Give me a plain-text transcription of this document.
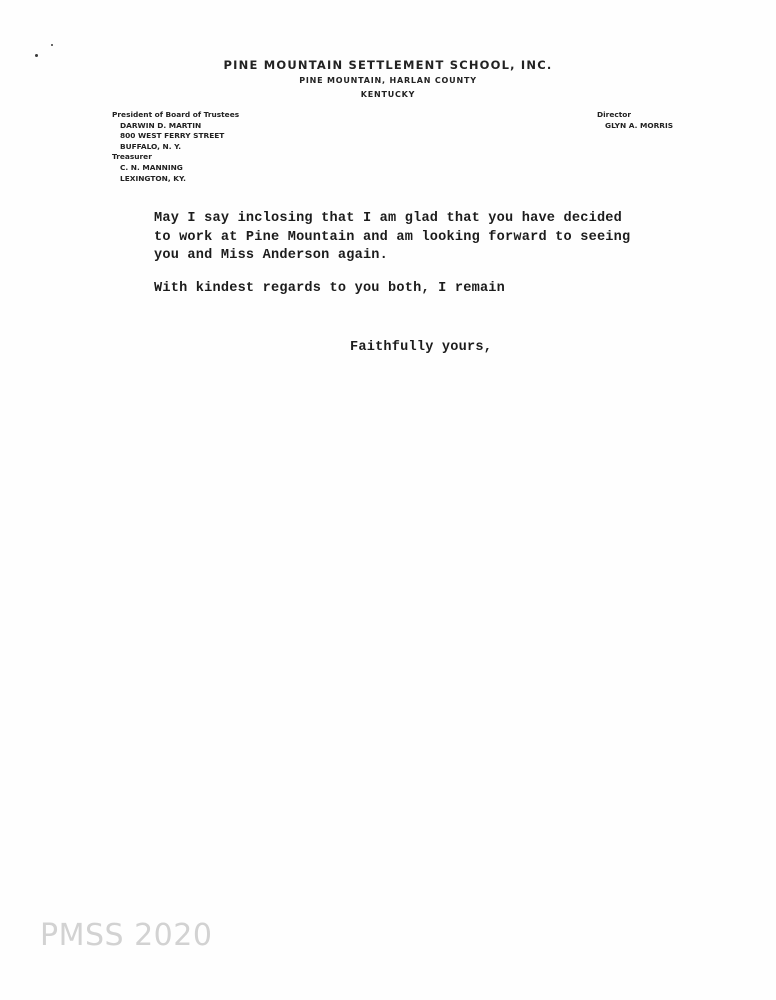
PINE MOUNTAIN SETTLEMENT SCHOOL, INC.
PINE MOUNTAIN, HARLAN COUNTY
KENTUCKY
President of Board of Trustees
DARWIN D. MARTIN
800 WEST FERRY STREET
BUFFALO, N. Y.
Treasurer
C. N. MANNING
LEXINGTON, KY.
Director
GLYN A. MORRIS
May I say inclosing that I am glad that you have decided
to work at Pine Mountain and am looking forward to seeing
you and Miss Anderson again.
With kindest regards to you both, I remain
Faithfully yours,
PMSS 2020
